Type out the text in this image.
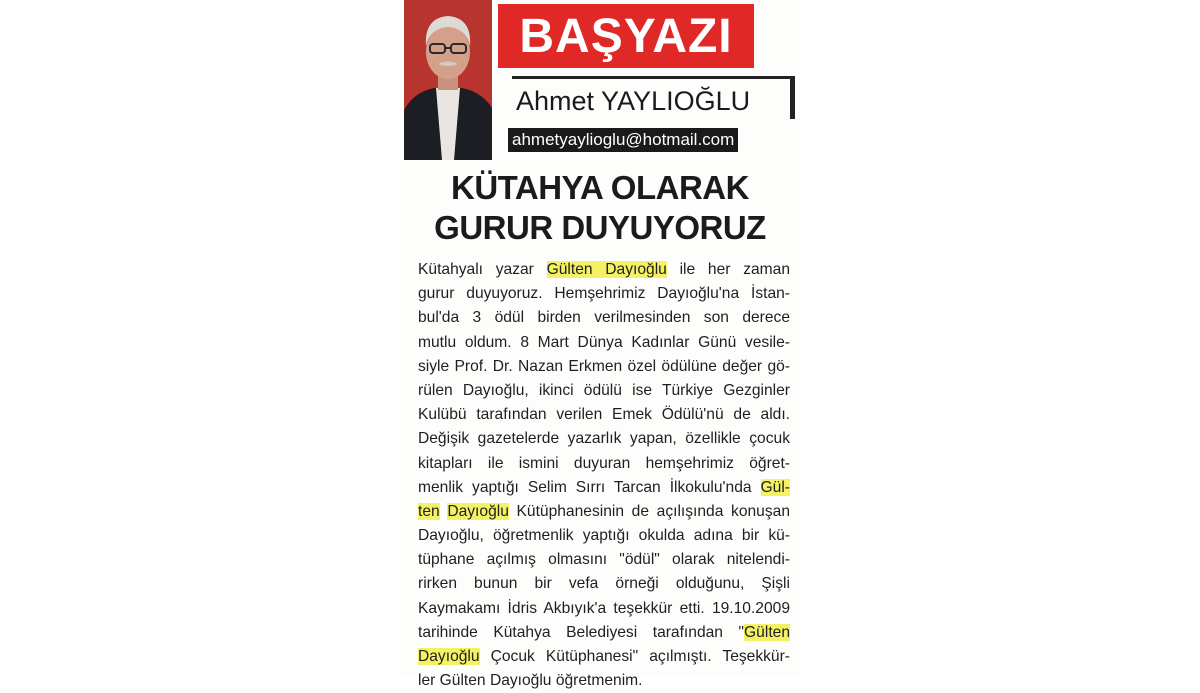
BAŞYAZI
Ahmet YAYLIOĞLU
ahmetyaylioglu@hotmail.com
KÜTAHYA OLARAK
GURUR DUYUYORUZ
Kütahyalı yazar Gülten Dayıoğlu ile her zaman
gurur duyuyoruz. Hemşehrimiz Dayıoğlu'na İstan-
bul'da 3 ödül birden verilmesinden son derece
mutlu oldum. 8 Mart Dünya Kadınlar Günü vesile-
siyle Prof. Dr. Nazan Erkmen özel ödülüne değer gö-
rülen Dayıoğlu, ikinci ödülü ise Türkiye Gezginler
Kulübü tarafından verilen Emek Ödülü'nü de aldı.
Değişik gazetelerde yazarlık yapan, özellikle çocuk
kitapları ile ismini duyuran hemşehrimiz öğret-
menlik yaptığı Selim Sırrı Tarcan İlkokulu'nda Gül-
ten Dayıoğlu Kütüphanesinin de açılışında konuşan
Dayıoğlu, öğretmenlik yaptığı okulda adına bir kü-
tüphane açılmış olmasını "ödül" olarak nitelendi-
rirken bunun bir vefa örneği olduğunu, Şişli
Kaymakamı İdris Akbıyık'a teşekkür etti. 19.10.2009
tarihinde Kütahya Belediyesi tarafından "Gülten
Dayıoğlu Çocuk Kütüphanesi" açılmıştı. Teşekkür-
ler Gülten Dayıoğlu öğretmenim.
